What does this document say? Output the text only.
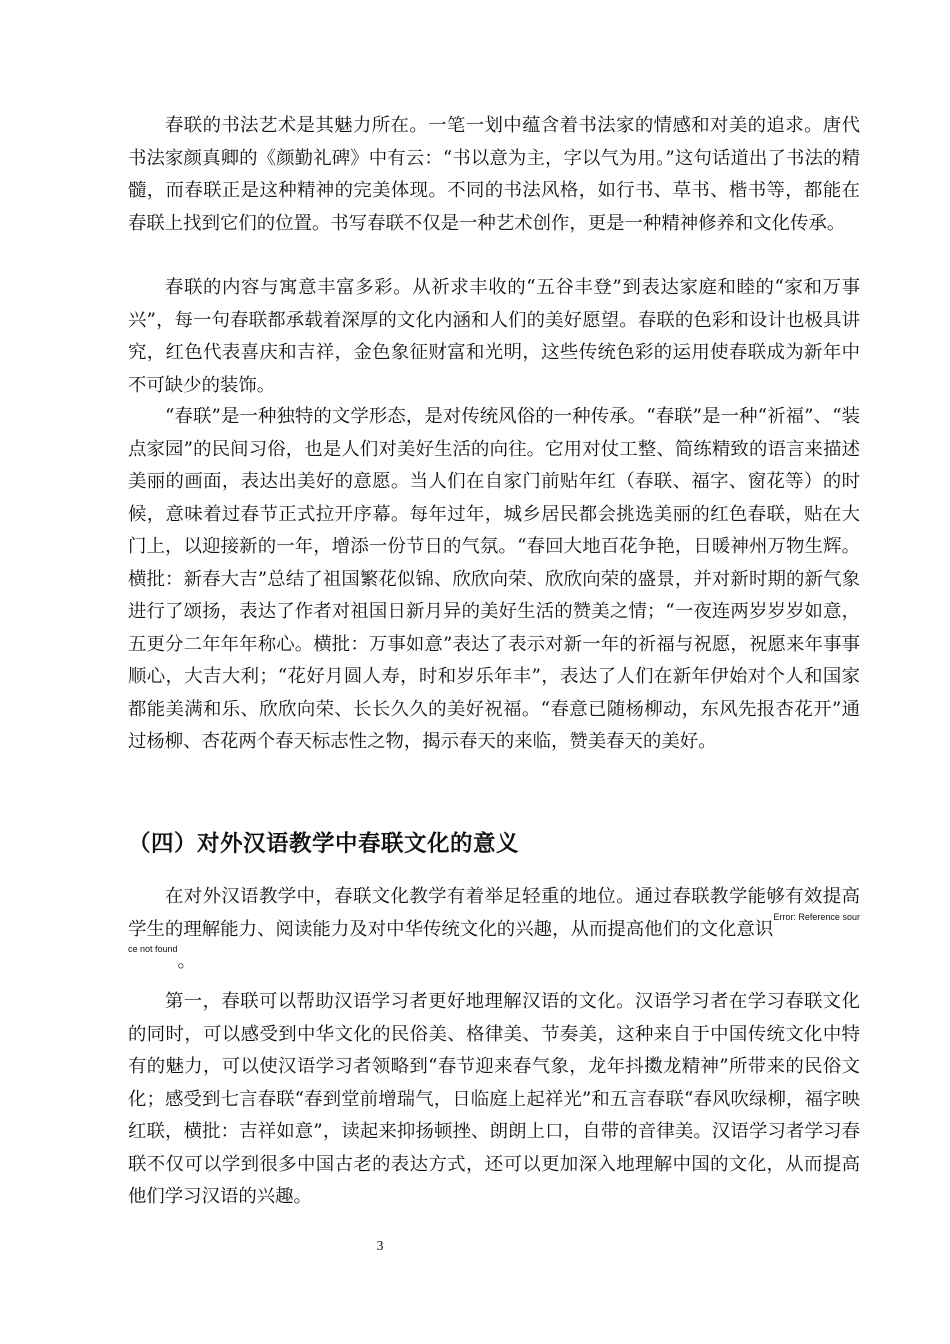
春联的书法艺术是其魅力所在。一笔一划中蕴含着书法家的情感和对美的追求。唐代书法家颜真卿的《颜勤礼碑》中有云：“书以意为主，字以气为用。”这句话道出了书法的精髓，而春联正是这种精神的完美体现。不同的书法风格，如行书、草书、楷书等，都能在春联上找到它们的位置。书写春联不仅是一种艺术创作，更是一种精神修养和文化传承。

春联的内容与寓意丰富多彩。从祈求丰收的“五谷丰登”到表达家庭和睦的“家和万事兴”，每一句春联都承载着深厚的文化内涵和人们的美好愿望。春联的色彩和设计也极具讲究，红色代表喜庆和吉祥，金色象征财富和光明，这些传统色彩的运用使春联成为新年中不可缺少的装饰。

“春联”是一种独特的文学形态，是对传统风俗的一种传承。“春联”是一种“祈福”、“装点家园”的民间习俗，也是人们对美好生活的向往。它用对仗工整、简练精致的语言来描述美丽的画面，表达出美好的意愿。当人们在自家门前贴年红（春联、福字、窗花等）的时候，意味着过春节正式拉开序幕。每年过年，城乡居民都会挑选美丽的红色春联，贴在大门上，以迎接新的一年，增添一份节日的气氛。“春回大地百花争艳，日暖神州万物生辉。横批：新春大吉”总结了祖国繁花似锦、欣欣向荣、欣欣向荣的盛景，并对新时期的新气象进行了颂扬，表达了作者对祖国日新月异的美好生活的赞美之情；“一夜连两岁岁岁如意，五更分二年年年称心。横批：万事如意”表达了表示对新一年的祈福与祝愿，祝愿来年事事顺心，大吉大利；“花好月圆人寿，时和岁乐年丰”，表达了人们在新年伊始对个人和国家都能美满和乐、欣欣向荣、长长久久的美好祝福。“春意已随杨柳动，东风先报杏花开”通过杨柳、杏花两个春天标志性之物，揭示春天的来临，赞美春天的美好。

（四）对外汉语教学中春联文化的意义

在对外汉语教学中，春联文化教学有着举足轻重的地位。通过春联教学能够有效提高学生的理解能力、阅读能力及对中华传统文化的兴趣，从而提高他们的文化意识$^{Error: Reference source not found}$。

第一，春联可以帮助汉语学习者更好地理解汉语的文化。汉语学习者在学习春联文化的同时，可以感受到中华文化的民俗美、格律美、节奏美，这种来自于中国传统文化中特有的魅力，可以使汉语学习者领略到“春节迎来春气象，龙年抖擞龙精神”所带来的民俗文化；感受到七言春联“春到堂前增瑞气，日临庭上起祥光”和五言春联“春风吹绿柳，福字映红联，横批：吉祥如意”，读起来抑扬顿挫、朗朗上口，自带的音律美。汉语学习者学习春联不仅可以学到很多中国古老的表达方式，还可以更加深入地理解中国的文化，从而提高他们学习汉语的兴趣。

3
